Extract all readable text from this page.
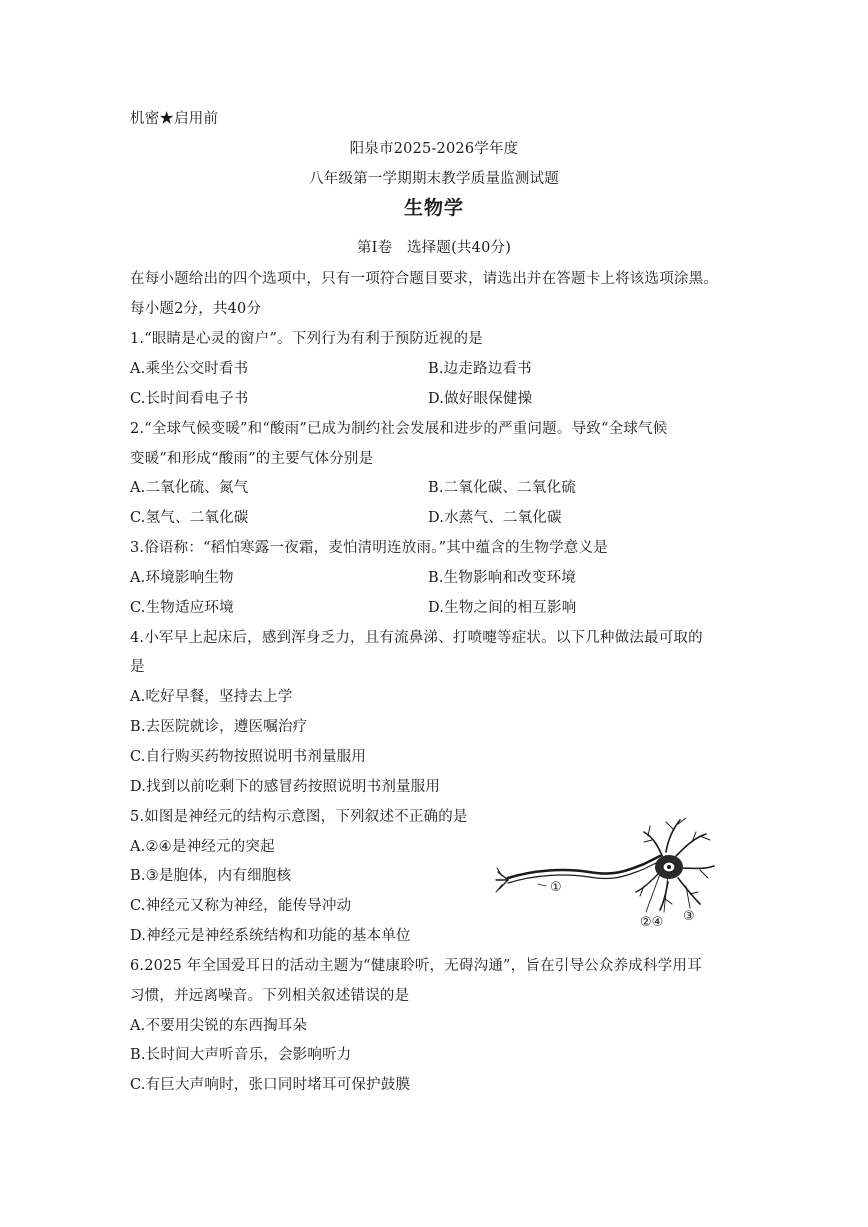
机密★启用前
阳泉市2025-2026学年度
八年级第一学期期末教学质量监测试题
生物学
第Ⅰ卷　选择题(共40分)
在每小题给出的四个选项中，只有一项符合题目要求，请选出并在答题卡上将该选项涂黑。
每小题2分，共40分
1.“眼睛是心灵的窗户”。下列行为有利于预防近视的是
A.乘坐公交时看书	B.边走路边看书
C.长时间看电子书	D.做好眼保健操
2.“全球气候变暖”和“酸雨”已成为制约社会发展和进步的严重问题。导致“全球气候
变暖”和形成“酸雨”的主要气体分别是
A.二氧化硫、氮气	B.二氧化碳、二氧化硫
C.氢气、二氧化碳	D.水蒸气、二氧化碳
3.俗语称：“稻怕寒露一夜霜，麦怕清明连放雨。”其中蕴含的生物学意义是
A.环境影响生物	B.生物影响和改变环境
C.生物适应环境	D.生物之间的相互影响
4.小军早上起床后，感到浑身乏力，且有流鼻涕、打喷嚏等症状。以下几种做法最可取的
是
A.吃好早餐，坚持去上学
B.去医院就诊，遵医嘱治疗
C.自行购买药物按照说明书剂量服用
D.找到以前吃剩下的感冒药按照说明书剂量服用
5.如图是神经元的结构示意图，下列叙述不正确的是
A.②④是神经元的突起
B.③是胞体，内有细胞核
C.神经元又称为神经，能传导冲动
D.神经元是神经系统结构和功能的基本单位
①
②④ ③
6.2025 年全国爱耳日的活动主题为“健康聆听，无碍沟通”，旨在引导公众养成科学用耳
习惯，并远离噪音。下列相关叙述错误的是
A.不要用尖锐的东西掏耳朵
B.长时间大声听音乐，会影响听力
C.有巨大声响时，张口同时堵耳可保护鼓膜
